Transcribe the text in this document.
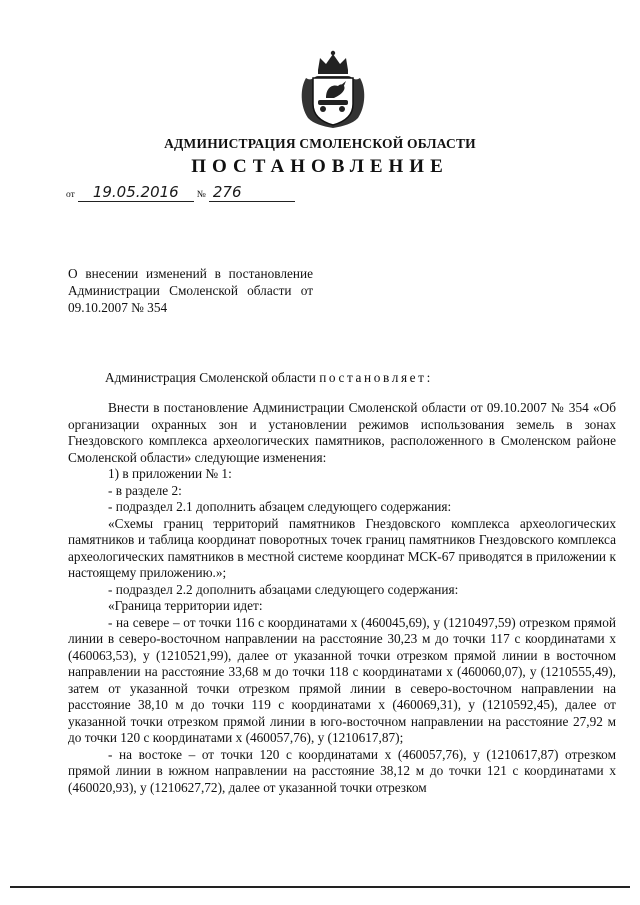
АДМИНИСТРАЦИЯ СМОЛЕНСКОЙ ОБЛАСТИ
ПОСТАНОВЛЕНИЕ
от 19.05.2016 № 276
О внесении изменений в постановление Администрации Смоленской области от 09.10.2007 № 354
Администрация Смоленской области постановляет:

Внести в постановление Администрации Смоленской области от 09.10.2007 № 354 «Об организации охранных зон и установлении режимов использования земель в зонах Гнездовского комплекса археологических памятников, расположенного в Смоленском районе Смоленской области» следующие изменения:

1) в приложении № 1:

- в разделе 2:

- подраздел 2.1 дополнить абзацем следующего содержания:

«Схемы границ территорий памятников Гнездовского комплекса археологических памятников и таблица координат поворотных точек границ памятников Гнездовского комплекса археологических памятников в местной системе координат МСК-67 приводятся в приложении к настоящему приложению.»;

- подраздел 2.2 дополнить абзацами следующего содержания:

«Граница территории идет:

- на севере – от точки 116 с координатами x (460045,69), y (1210497,59) отрезком прямой линии в северо-восточном направлении на расстояние 30,23 м до точки 117 с координатами x (460063,53), y (1210521,99), далее от указанной точки отрезком прямой линии в восточном направлении на расстояние 33,68 м до точки 118 с координатами x (460060,07), y (1210555,49), затем от указанной точки отрезком прямой линии в северо-восточном направлении на расстояние 38,10 м до точки 119 с координатами x (460069,31), y (1210592,45), далее от указанной точки отрезком прямой линии в юго-восточном направлении на расстояние 27,92 м до точки 120 с координатами x (460057,76), y (1210617,87);

- на востоке – от точки 120 с координатами x (460057,76), y (1210617,87) отрезком прямой линии в южном направлении на расстояние 38,12 м до точки 121 с координатами x (460020,93), y (1210627,72), далее от указанной точки отрезком
